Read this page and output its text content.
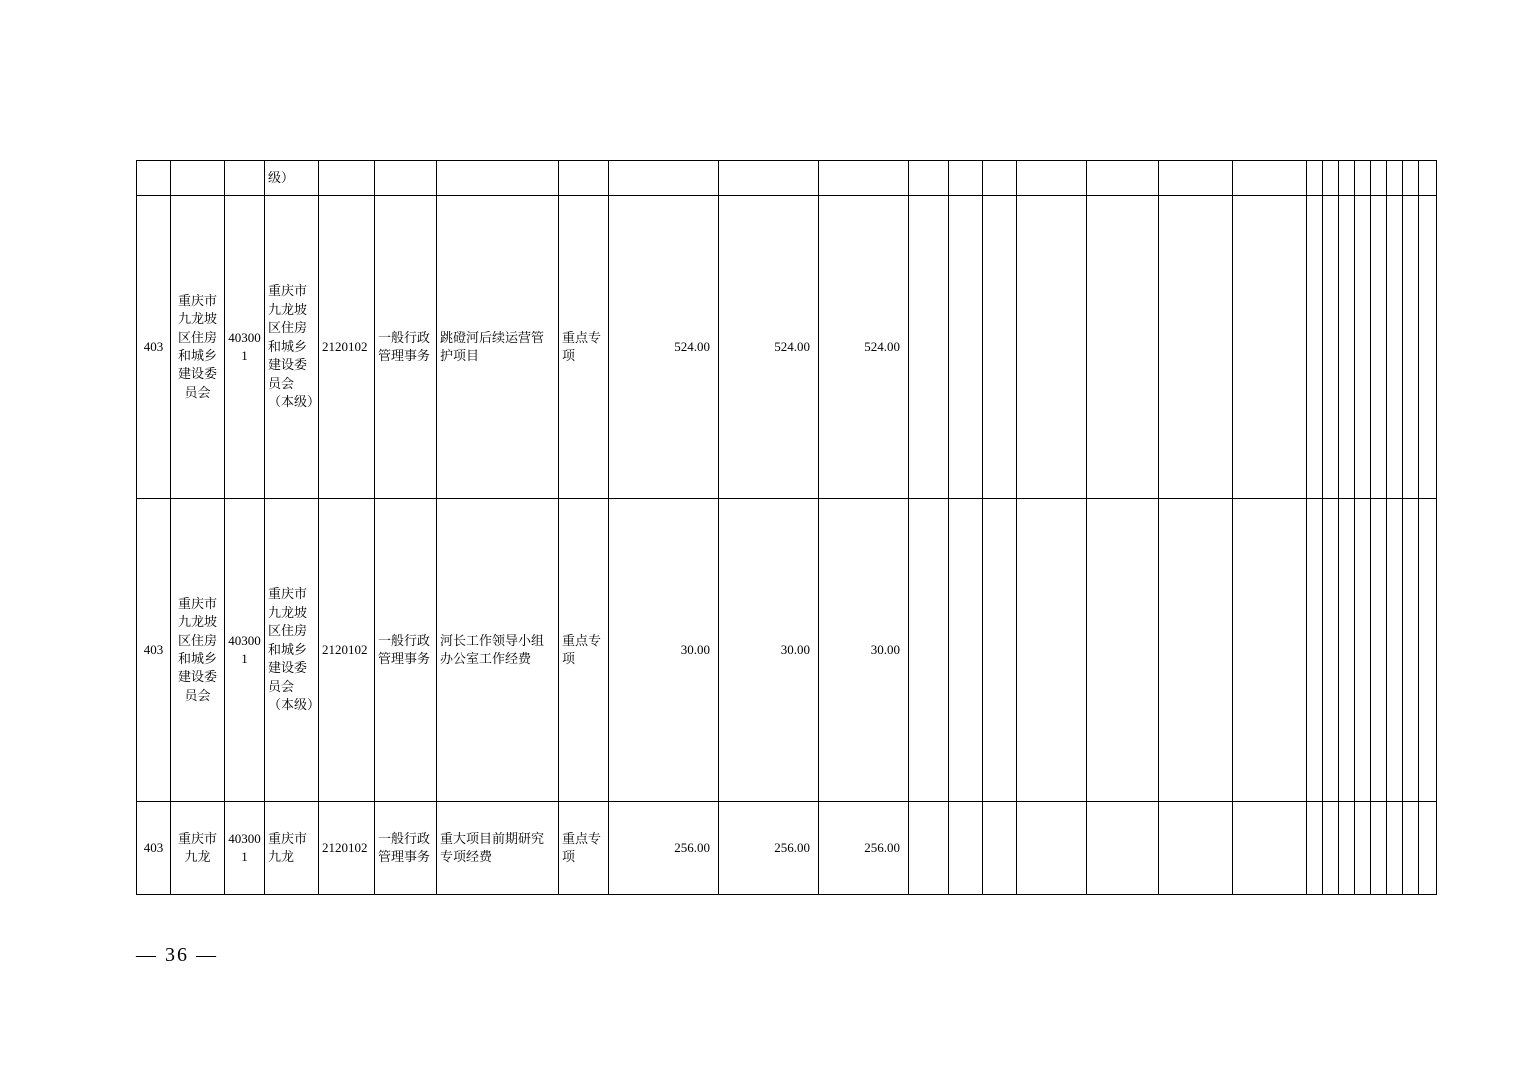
			级）																						

403	重庆市九龙坡区住房和城乡建设委员会	403001	重庆市九龙坡区住房和城乡建设委员会（本级）	2120102	一般行政管理事务	跳磴河后续运营管护项目	重点专项	524.00	524.00	524.00															

403	重庆市九龙坡区住房和城乡建设委员会	403001	重庆市九龙坡区住房和城乡建设委员会（本级）	2120102	一般行政管理事务	河长工作领导小组办公室工作经费	重点专项	30.00	30.00	30.00															

403	重庆市九龙	403001	重庆市九龙	2120102	一般行政管理事务	重大项目前期研究专项经费	重点专项	256.00	256.00	256.00															

— 36 —
